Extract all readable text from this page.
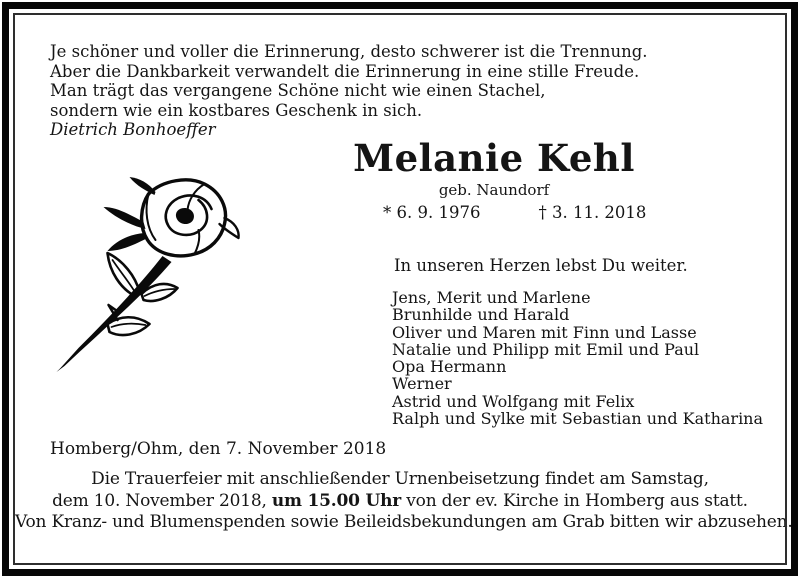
Je schöner und voller die Erinnerung, desto schwerer ist die Trennung.
Aber die Dankbarkeit verwandelt die Erinnerung in eine stille Freude.
Man trägt das vergangene Schöne nicht wie einen Stachel,
sondern wie ein kostbares Geschenk in sich.
Dietrich Bonhoeffer
Melanie Kehl
geb. Naundorf
* 6. 9. 1976	† 3. 11. 2018
In unseren Herzen lebst Du weiter.
Jens, Merit und Marlene
Brunhilde und Harald
Oliver und Maren mit Finn und Lasse
Natalie und Philipp mit Emil und Paul
Opa Hermann
Werner
Astrid und Wolfgang mit Felix
Ralph und Sylke mit Sebastian und Katharina
Homberg/Ohm, den 7. November 2018
Die Trauerfeier mit anschließender Urnenbeisetzung findet am Samstag,
dem 10. November 2018, um 15.00 Uhr von der ev. Kirche in Homberg aus statt.
Von Kranz- und Blumenspenden sowie Beileidsbekundungen am Grab bitten wir abzusehen.
